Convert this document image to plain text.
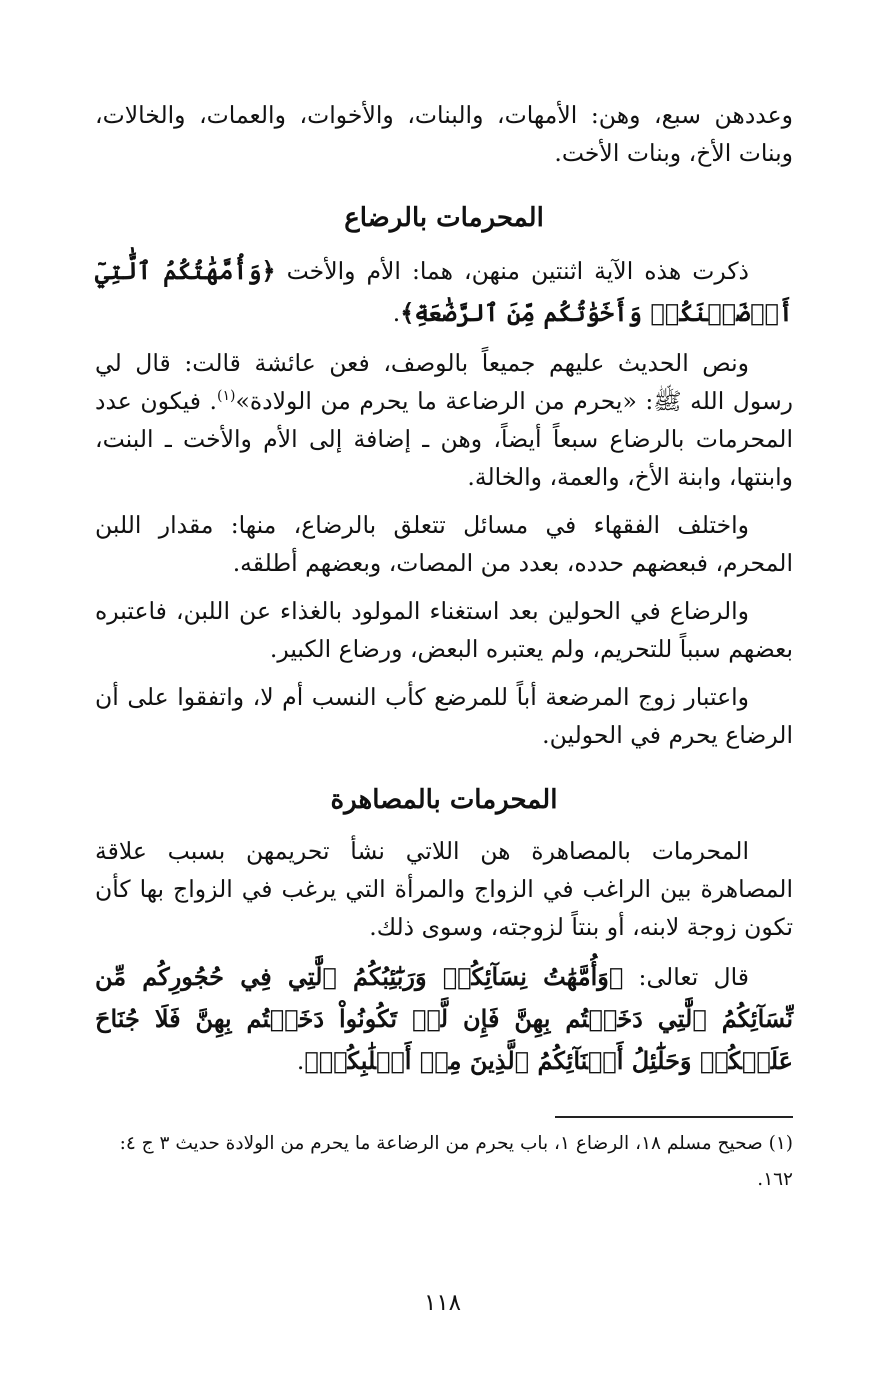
وعددهن سبع، وهن: الأمهات، والبنات، والأخوات، والعمات، والخالات، وبنات الأخ، وبنات الأخت.

المحرمات بالرضاع

ذكرت هذه الآية اثنتين منهن، هما: الأم والأخت ﴿وَأُمَّهَٰتُكُمُ ٱلَّٰتِيٓ أَرۡضَعۡنَكُمۡ وَأَخَوَٰتُكُم مِّنَ ٱلرَّضَٰعَةِ﴾.

ونص الحديث عليهم جميعاً بالوصف، فعن عائشة قالت: قال لي رسول الله ﷺ: «يحرم من الرضاعة ما يحرم من الولادة»$^{(١)}$. فيكون عدد المحرمات بالرضاع سبعاً أيضاً، وهن ـ إضافة إلى الأم والأخت ـ البنت، وابنتها، وابنة الأخ، والعمة، والخالة.

واختلف الفقهاء في مسائل تتعلق بالرضاع، منها: مقدار اللبن المحرم، فبعضهم حدده، بعدد من المصات، وبعضهم أطلقه.

والرضاع في الحولين بعد استغناء المولود بالغذاء عن اللبن، فاعتبره بعضهم سبباً للتحريم، ولم يعتبره البعض، ورضاع الكبير.

واعتبار زوج المرضعة أباً للمرضع كأب النسب أم لا، واتفقوا على أن الرضاع يحرم في الحولين.

المحرمات بالمصاهرة

المحرمات بالمصاهرة هن اللاتي نشأ تحريمهن بسبب علاقة المصاهرة بين الراغب في الزواج والمرأة التي يرغب في الزواج بها كأن تكون زوجة لابنه، أو بنتاً لزوجته، وسوى ذلك.

قال تعالى: ﴿وَأُمَّهَٰتُ نِسَآئِكُمۡ وَرَبَٰٓئِبُكُمُ ٱلَّٰتِي فِي حُجُورِكُم مِّن نِّسَآئِكُمُ ٱلَّٰتِي دَخَلۡتُم بِهِنَّ فَإِن لَّمۡ تَكُونُواْ دَخَلۡتُم بِهِنَّ فَلَا جُنَاحَ عَلَيۡكُمۡ وَحَلَٰٓئِلُ أَبۡنَآئِكُمُ ٱلَّذِينَ مِنۡ أَصۡلَٰبِكُمۡ﴾.

(١) صحيح مسلم ١٨، الرضاع ١، باب يحرم من الرضاعة ما يحرم من الولادة حديث ٣ ج ٤: ١٦٢.

١١٨
